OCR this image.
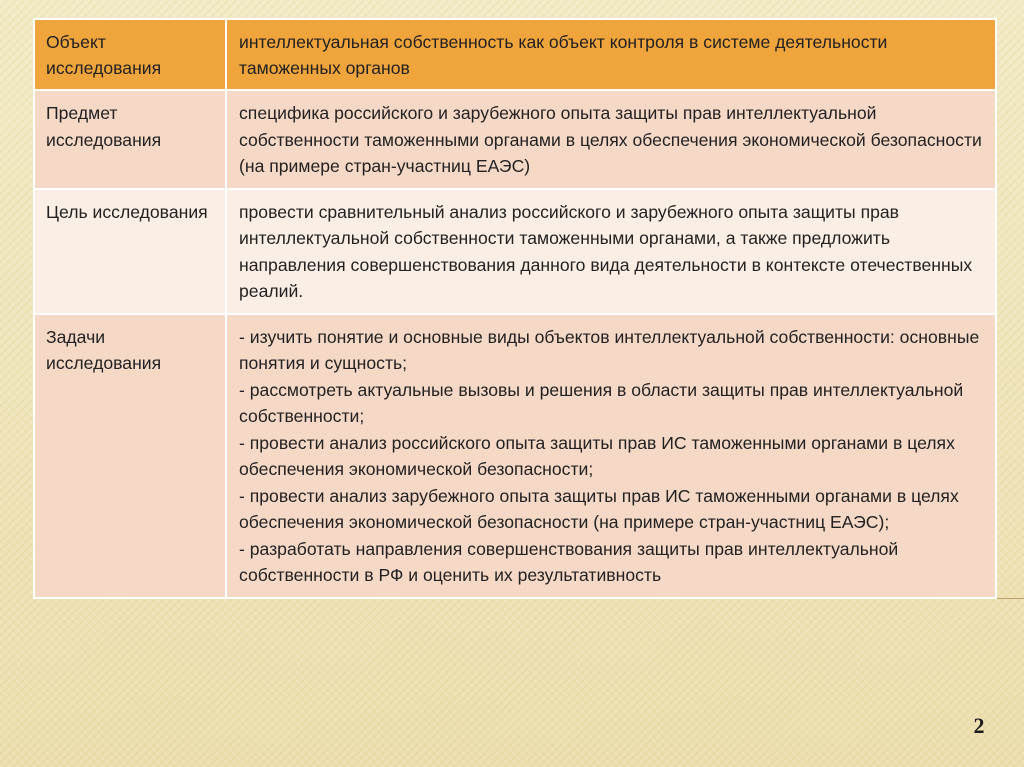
Объект исследования	интеллектуальная собственность как объект контроля в системе деятельности таможенных органов
Предмет исследования	специфика российского и зарубежного опыта защиты прав интеллектуальной собственности таможенными органами в целях обеспечения экономической безопасности (на примере стран-участниц ЕАЭС)
Цель исследования	провести сравнительный анализ российского и зарубежного опыта защиты прав интеллектуальной собственности таможенными органами, а также предложить направления совершенствования данного вида деятельности в контексте отечественных реалий.
Задачи исследования	- изучить понятие и основные виды объектов интеллектуальной собственности: основные понятия и сущность;
- рассмотреть актуальные вызовы и решения в области защиты прав интеллектуальной собственности;
- провести анализ российского опыта защиты прав ИС таможенными органами в целях обеспечения экономической безопасности;
- провести анализ зарубежного опыта защиты прав ИС таможенными органами в целях обеспечения экономической безопасности (на примере стран-участниц ЕАЭС);
- разработать направления совершенствования защиты прав интеллектуальной собственности в РФ и оценить их результативность
2
